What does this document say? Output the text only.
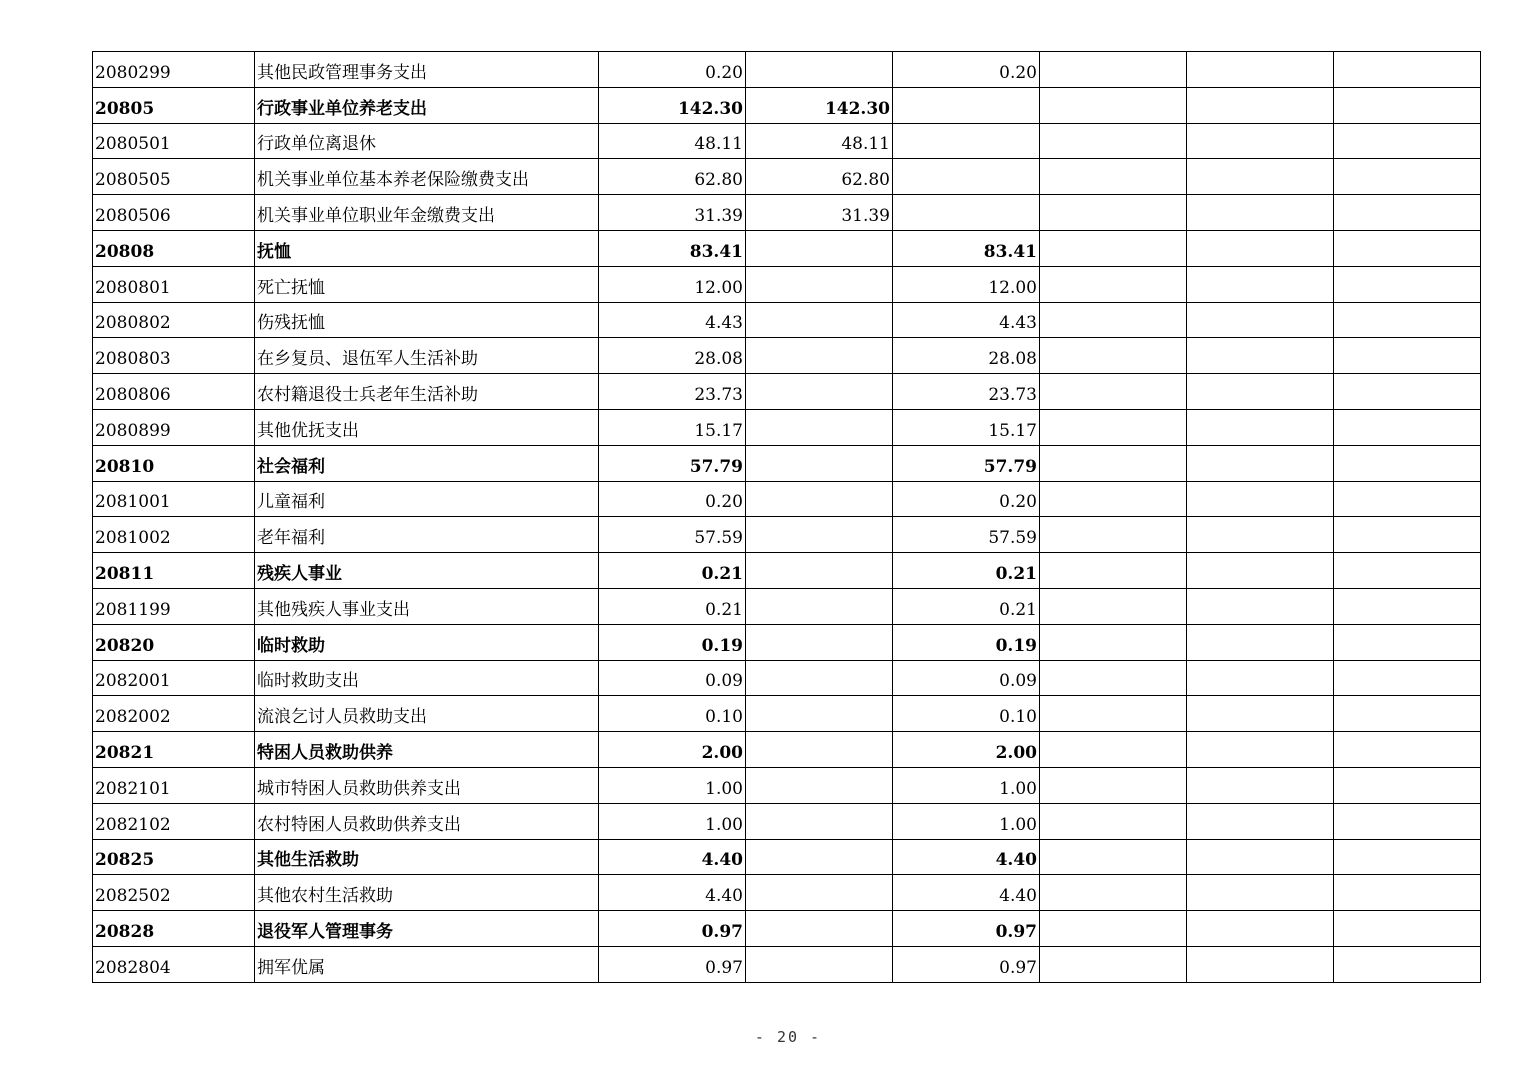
2080299	其他民政管理事务支出	0.20		0.20			
20805	行政事业单位养老支出	142.30	142.30				
2080501	行政单位离退休	48.11	48.11				
2080505	机关事业单位基本养老保险缴费支出	62.80	62.80				
2080506	机关事业单位职业年金缴费支出	31.39	31.39				
20808	抚恤	83.41		83.41			
2080801	死亡抚恤	12.00		12.00			
2080802	伤残抚恤	4.43		4.43			
2080803	在乡复员、退伍军人生活补助	28.08		28.08			
2080806	农村籍退役士兵老年生活补助	23.73		23.73			
2080899	其他优抚支出	15.17		15.17			
20810	社会福利	57.79		57.79			
2081001	儿童福利	0.20		0.20			
2081002	老年福利	57.59		57.59			
20811	残疾人事业	0.21		0.21			
2081199	其他残疾人事业支出	0.21		0.21			
20820	临时救助	0.19		0.19			
2082001	临时救助支出	0.09		0.09			
2082002	流浪乞讨人员救助支出	0.10		0.10			
20821	特困人员救助供养	2.00		2.00			
2082101	城市特困人员救助供养支出	1.00		1.00			
2082102	农村特困人员救助供养支出	1.00		1.00			
20825	其他生活救助	4.40		4.40			
2082502	其他农村生活救助	4.40		4.40			
20828	退役军人管理事务	0.97		0.97			
2082804	拥军优属	0.97		0.97			
- 20 -
